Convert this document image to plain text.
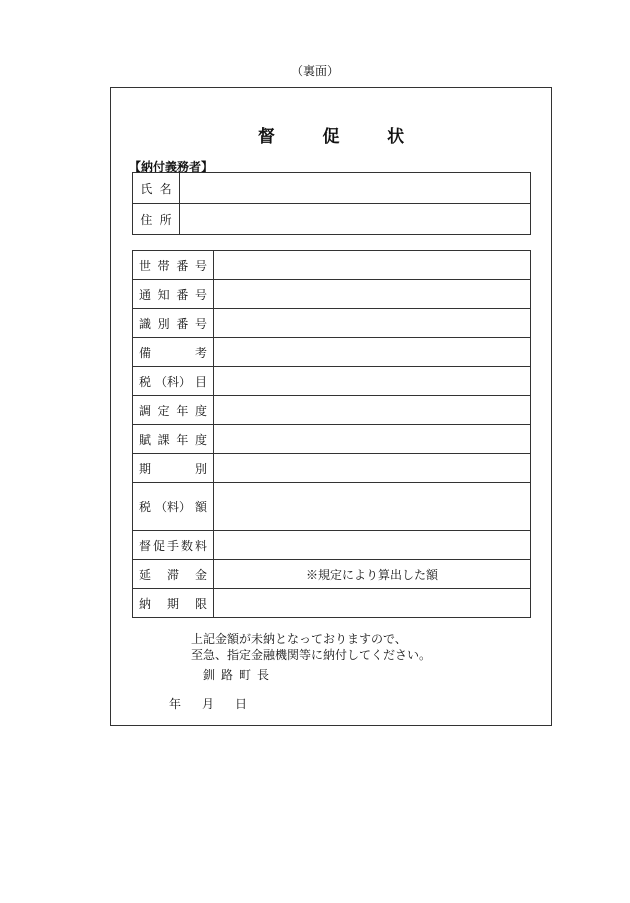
（裏面）
督　促　状
【納付義務者】
氏名	
住所	
世 帯 番 号	

通 知 番 号	

識 別 番 号	

備 考	

税 （科） 目	

調 定 年 度	

賦 課 年 度	

期 別	

税 （料） 額	

督 促 手 数 料	

延 滞 金	※規定により算出した額

納 期 限	

上記金額が未納となっておりますので、
至急、指定金融機関等に納付してください。
釧路町長
年 月 日
